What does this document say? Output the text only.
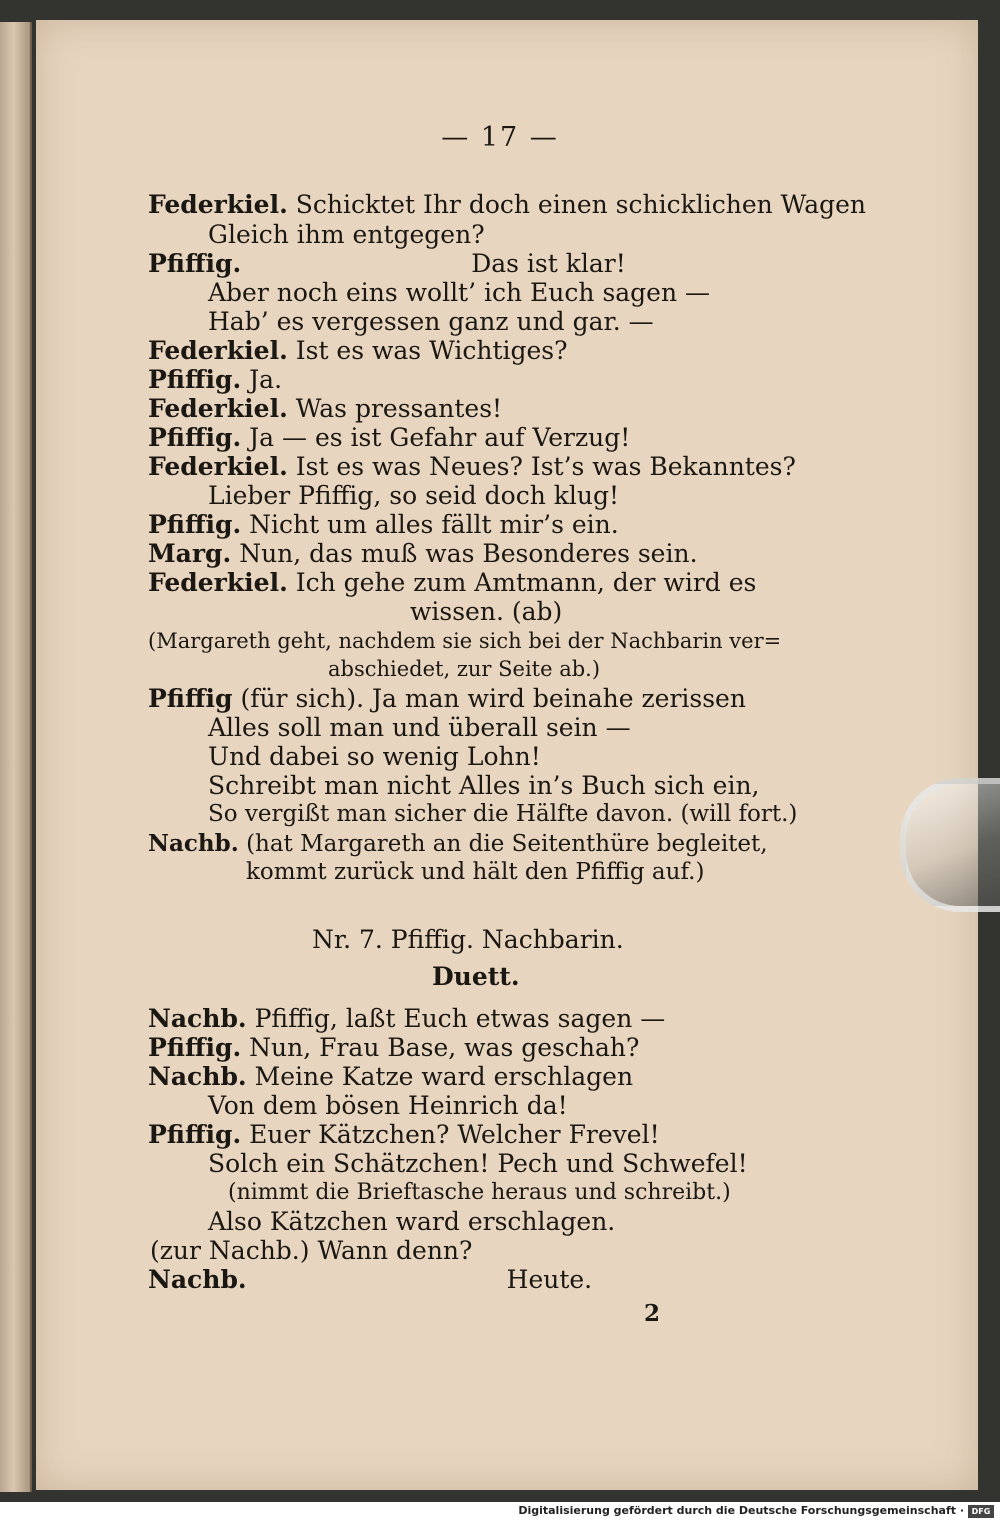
— 17 —

Federkiel. Schicktet Ihr doch einen schicklichen Wagen

Gleich ihm entgegen?

Pfiffig.	Das ist klar!

Aber noch eins wollt’ ich Euch sagen —

Hab’ es vergessen ganz und gar. —

Federkiel. Ist es was Wichtiges?

Pfiffig. Ja.

Federkiel. Was pressantes!

Pfiffig. Ja — es ist Gefahr auf Verzug!

Federkiel. Ist es was Neues? Ist’s was Bekanntes?

Lieber Pfiffig, so seid doch klug!

Pfiffig. Nicht um alles fällt mir’s ein.

Marg. Nun, das muß was Besonderes sein.

Federkiel. Ich gehe zum Amtmann, der wird es

wissen. (ab)

(Margareth geht, nachdem sie sich bei der Nachbarin ver=

abschiedet, zur Seite ab.)

Pfiffig (für sich). Ja man wird beinahe zerissen

Alles soll man und überall sein —

Und dabei so wenig Lohn!

Schreibt man nicht Alles in’s Buch sich ein,

So vergißt man sicher die Hälfte davon. (will fort.)

Nachb. (hat Margareth an die Seitenthüre begleitet,

kommt zurück und hält den Pfiffig auf.)

Nr. 7. Pfiffig. Nachbarin.

Duett.

Nachb. Pfiffig, laßt Euch etwas sagen —

Pfiffig. Nun, Frau Base, was geschah?

Nachb. Meine Katze ward erschlagen

Von dem bösen Heinrich da!

Pfiffig. Euer Kätzchen? Welcher Frevel!

Solch ein Schätzchen! Pech und Schwefel!

(nimmt die Brieftasche heraus und schreibt.)

Also Kätzchen ward erschlagen.

(zur Nachb.) Wann denn?

Nachb.	Heute.

2

Digitalisierung gefördert durch die Deutsche Forschungsgemeinschaft · DFG
